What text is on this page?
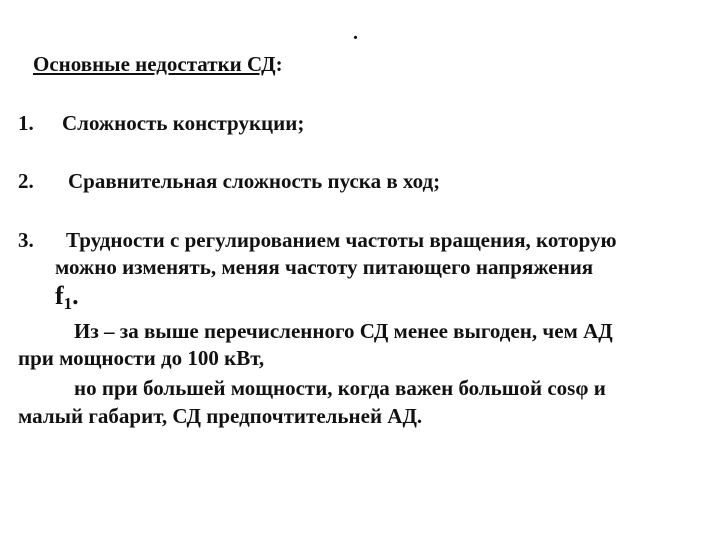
.
Основные недостатки СД:
1. Сложность конструкции;
2. Сравнительная сложность пуска в ход;
3. Трудности с регулированием частоты вращения, которую
можно изменять, меняя частоту питающего напряжения
$f_1$.
Из – за выше перечисленного СД менее выгоден, чем АД
при мощности до 100 кВт,
но при большей мощности, когда важен большой cosφ и
малый габарит, СД предпочтительней АД.
